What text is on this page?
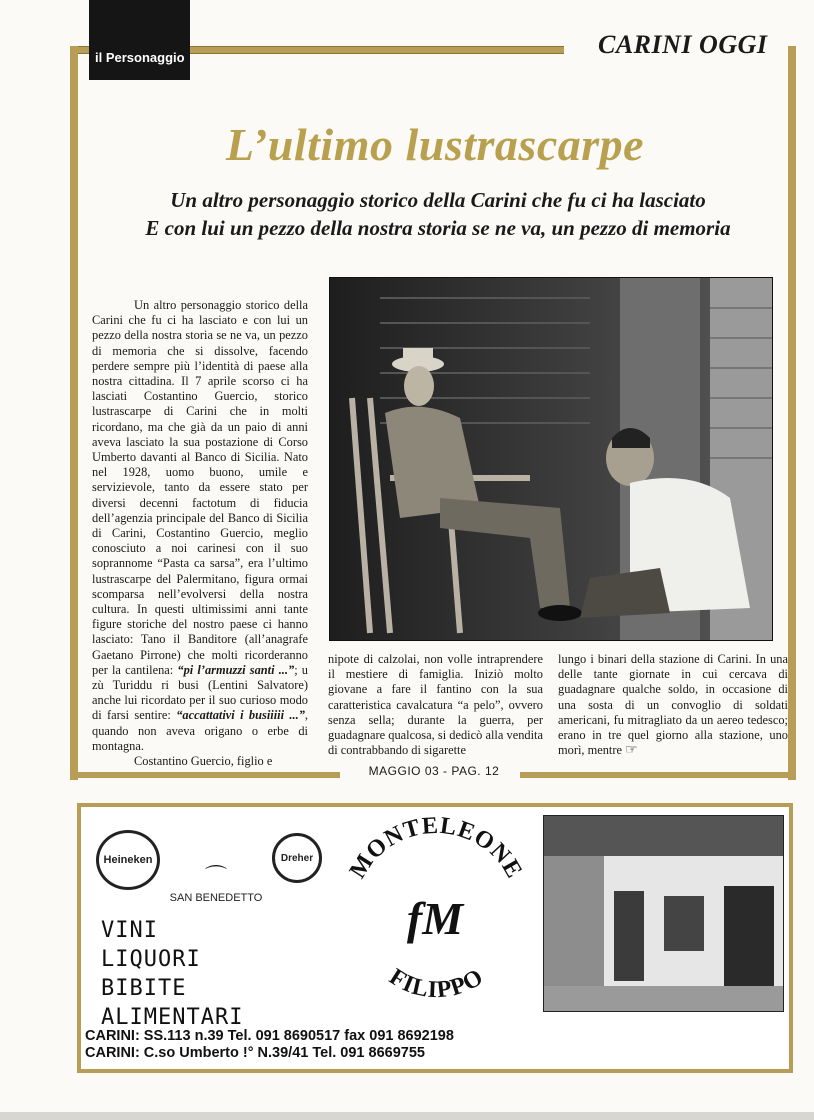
il Personaggio	CARINI OGGI
L’ultimo lustrascarpe
Un altro personaggio storico della Carini che fu ci ha lasciato
E con lui un pezzo della nostra storia se ne va, un pezzo di memoria

Un altro personaggio storico della Carini che fu ci ha lasciato e con lui un pezzo della nostra storia se ne va, un pezzo di memoria che si dissolve, facendo perdere sempre più l’identità di paese alla nostra cittadina. Il 7 aprile scorso ci ha lasciati Costantino Guercio, storico lustrascarpe di Carini che in molti ricordano, ma che già da un paio di anni aveva lasciato la sua postazione di Corso Umberto davanti al Banco di Sicilia. Nato nel 1928, uomo buono, umile e servizievole, tanto da essere stato per diversi decenni factotum di fiducia dell’agenzia principale del Banco di Sicilia di Carini, Costantino Guercio, meglio conosciuto a noi carinesi con il suo soprannome “Pasta ca sarsa”, era l’ultimo lustrascarpe del Palermitano, figura ormai scomparsa nell’evolversi della nostra cultura. In questi ultimissimi anni tante figure storiche del nostro paese ci hanno lasciato: Tano il Banditore (all’anagrafe Gaetano Pirrone) che molti ricorderanno per la cantilena: “pi l’armuzzi santi ...”; u zù Turiddu ri busi (Lentini Salvatore) anche lui ricordato per il suo curioso modo di farsi sentire: “accattativi i busiiiii ...”, quando non aveva origano o erbe di montagna.

Costantino Guercio, figlio e

nipote di calzolai, non volle intraprendere il mestiere di famiglia. Iniziò molto giovane a fare il fantino con la sua caratteristica cavalcatura “a pelo”, ovvero senza sella; durante la guerra, per guadagnare qualcosa, si dedicò alla vendita di contrabbando di sigarette
lungo i binari della stazione di Carini. In una delle tante giornate in cui cercava di guadagnare qualche soldo, in occasione di una sosta di un convoglio di soldati americani, fu mitragliato da un aereo tedesco; erano in tre quel giorno alla stazione, uno morì, mentre ☞
MAGGIO 03 - PAG. 12
Heineken
⌒
SAN BENEDETTO
Dreher	MONTELEONE
fM
FILIPPO
VINI
LIQUORI
BIBITE
ALIMENTARI
CARINI: SS.113 n.39 Tel. 091 8690517 fax 091 8692198
CARINI: C.so Umberto !° N.39/41 Tel. 091 8669755
